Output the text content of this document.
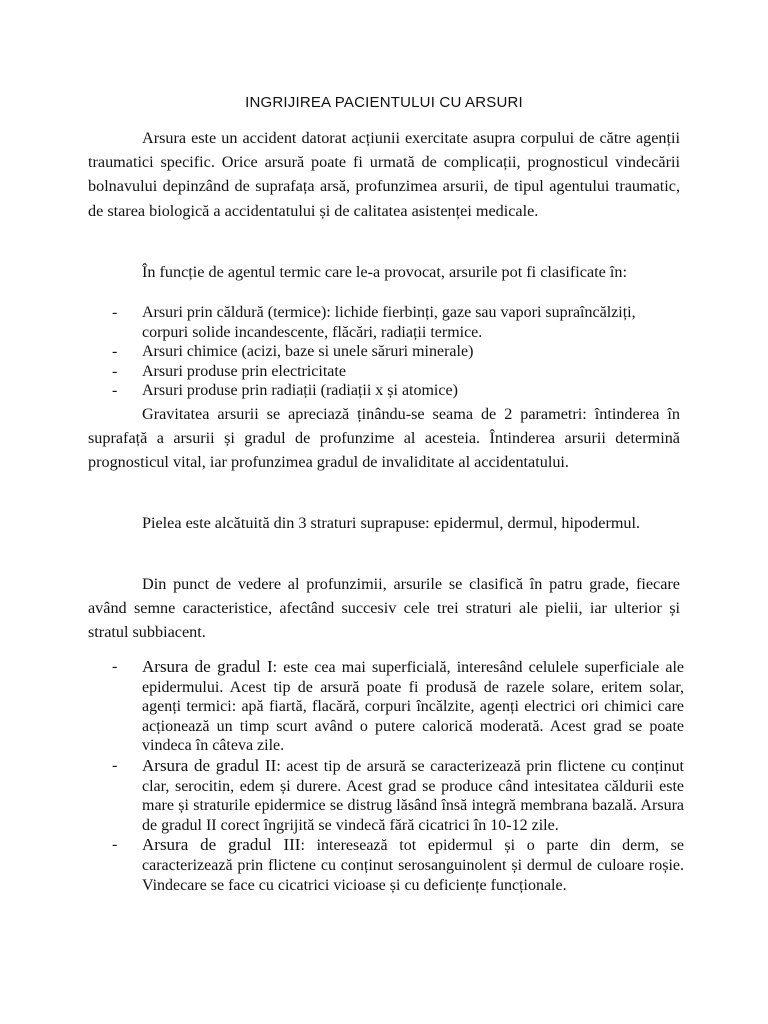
INGRIJIREA PACIENTULUI CU ARSURI

Arsura este un accident datorat acțiunii exercitate asupra corpului de către agenții traumatici specific. Orice arsură poate fi urmată de complicații, prognosticul vindecării bolnavului depinzând de suprafața arsă, profunzimea arsurii, de tipul agentului traumatic, de starea biologică a accidentatului și de calitatea asistenței medicale.

În funcție de agentul termic care le-a provocat, arsurile pot fi clasificate în:

- Arsuri prin căldură (termice): lichide fierbinți, gaze sau vapori supraîncălziți, corpuri solide incandescente, flăcări, radiații termice.
- Arsuri chimice (acizi, baze si unele săruri minerale)
- Arsuri produse prin electricitate
- Arsuri produse prin radiații (radiații x și atomice)

Gravitatea arsurii se apreciază ținându-se seama de 2 parametri: întinderea în suprafață a arsurii și gradul de profunzime al acesteia. Întinderea arsurii determină prognosticul vital, iar profunzimea gradul de invaliditate al accidentatului.

Pielea este alcătuită din 3 straturi suprapuse: epidermul, dermul, hipodermul.

Din punct de vedere al profunzimii, arsurile se clasifică în patru grade, fiecare având semne caracteristice, afectând succesiv cele trei straturi ale pielii, iar ulterior și stratul subbiacent.

- Arsura de gradul I: este cea mai superficială, interesând celulele superficiale ale epidermului. Acest tip de arsură poate fi produsă de razele solare, eritem solar, agenți termici: apă fiartă, flacără, corpuri încălzite, agenți electrici ori chimici care acționează un timp scurt având o putere calorică moderată. Acest grad se poate vindeca în câteva zile.
- Arsura de gradul II: acest tip de arsură se caracterizează prin flictene cu conținut clar, serocitin, edem și durere. Acest grad se produce când intesitatea căldurii este mare și straturile epidermice se distrug lăsând însă integră membrana bazală. Arsura de gradul II corect îngrijită se vindecă fără cicatrici în 10-12 zile.
- Arsura de gradul III: interesează tot epidermul și o parte din derm, se caracterizează prin flictene cu conținut serosanguinolent și dermul de culoare roșie. Vindecare se face cu cicatrici vicioase și cu deficiențe funcționale.
